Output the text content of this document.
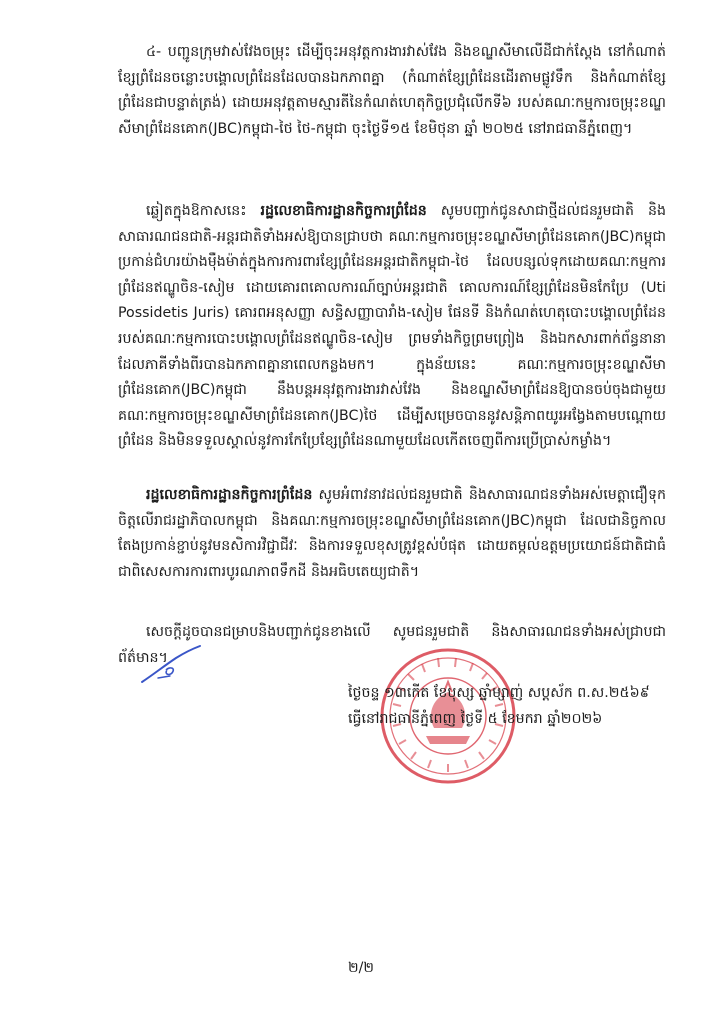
៤- បញ្ជូនក្រុមវាស់វែងចម្រុះ ដើម្បីចុះអនុវត្តការងារវាស់វែង និងខណ្ឌសីមាលើដីជាក់ស្តែង នៅកំណាត់ខ្សែព្រំដែនចន្លោះបង្គោលព្រំដែនដែលបានឯកភាពគ្នា (កំណាត់ខ្សែព្រំដែនដើរតាមផ្លូវទឹក និងកំណាត់ខ្សែព្រំដែនជាបន្ទាត់ត្រង់) ដោយអនុវត្តតាមស្មារតីនៃកំណត់ហេតុកិច្ចប្រជុំលើកទី៦ របស់គណៈកម្មការចម្រុះខណ្ឌសីមាព្រំដែនគោក(JBC)កម្ពុជា-ថៃ ថៃ-កម្ពុជា ចុះថ្ងៃទី១៥ ខែមិថុនា ឆ្នាំ ២០២៥ នៅរាជធានីភ្នំពេញ។

ឆ្លៀតក្នុងឱកាសនេះ រដ្ឋលេខាធិការដ្ឋានកិច្ចការព្រំដែន សូមបញ្ជាក់ជូនសាជាថ្មីដល់ជនរួមជាតិ និងសាធារណជនជាតិ-អន្តរជាតិទាំងអស់ឱ្យបានជ្រាបថា គណៈកម្មការចម្រុះខណ្ឌសីមាព្រំដែនគោក(JBC)កម្ពុជា ប្រកាន់ជំហរយ៉ាងម៉ឺងម៉ាត់ក្នុងការការពារខ្សែព្រំដែនអន្តរជាតិកម្ពុជា-ថៃ ដែលបន្សល់ទុកដោយគណៈកម្មការព្រំដែនឥណ្ឌូចិន-សៀម ដោយគោរពគោលការណ៍ច្បាប់អន្តរជាតិ គោលការណ៍ខ្សែព្រំដែនមិនកែប្រែ (Uti Possidetis Juris) គោរពអនុសញ្ញា សន្ធិសញ្ញាបារាំង-សៀម ផែនទី និងកំណត់ហេតុបោះបង្គោលព្រំដែនរបស់គណៈកម្មការបោះបង្គោលព្រំដែនឥណ្ឌូចិន-សៀម ព្រមទាំងកិច្ចព្រមព្រៀង និងឯកសារពាក់ព័ន្ធនានាដែលភាគីទាំងពីរបានឯកភាពគ្នានាពេលកន្លងមក។ ក្នុងន័យនេះ គណៈកម្មការចម្រុះខណ្ឌសីមាព្រំដែនគោក(JBC)កម្ពុជា នឹងបន្តអនុវត្តការងារវាស់វែង និងខណ្ឌសីមាព្រំដែនឱ្យបានចប់ចុងជាមួយគណៈកម្មការចម្រុះខណ្ឌសីមាព្រំដែនគោក(JBC)ថៃ ដើម្បីសម្រេចបាននូវសន្តិភាពយូរអង្វែងតាមបណ្តោយព្រំដែន និងមិនទទួលស្គាល់នូវការកែប្រែខ្សែព្រំដែនណាមួយដែលកើតចេញពីការប្រើប្រាស់កម្លាំង។

រដ្ឋលេខាធិការដ្ឋានកិច្ចការព្រំដែន សូមអំពាវនាវដល់ជនរួមជាតិ និងសាធារណជនទាំងអស់មេត្តាជឿទុកចិត្តលើរាជរដ្ឋាភិបាលកម្ពុជា និងគណៈកម្មការចម្រុះខណ្ឌសីមាព្រំដែនគោក(JBC)កម្ពុជា ដែលជានិច្ចកាលតែងប្រកាន់ខ្ជាប់នូវមនសិការវិជ្ជាជីវៈ និងការទទួលខុសត្រូវខ្ពស់បំផុត ដោយតម្កល់ឧត្តមប្រយោជន៍ជាតិជាធំ ជាពិសេសការការពារបូរណភាពទឹកដី និងអធិបតេយ្យជាតិ។

សេចក្តីដូចបានជម្រាបនិងបញ្ជាក់ជូនខាងលើ សូមជនរួមជាតិ និងសាធារណជនទាំងអស់ជ្រាបជាព័ត៌មាន។

ថ្ងៃចន្ទ ១៣កើត ខែបុស្ស ឆ្នាំម្សាញ់ សប្តស័ក ព.ស.២៥៦៩
ធ្វើនៅរាជធានីភ្នំពេញ ថ្ងៃទី ៥ ខែមករា ឆ្នាំ២០២៦
២/២
